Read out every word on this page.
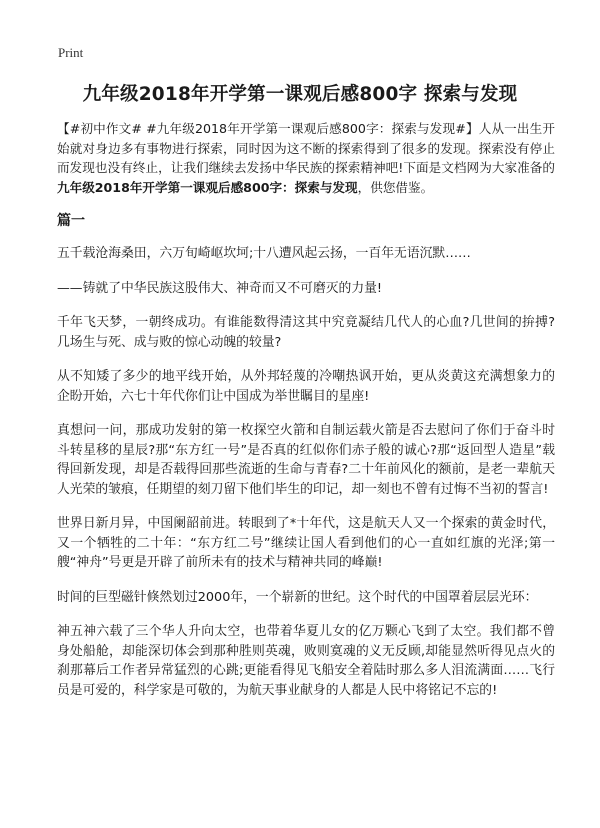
Print
九年级2018年开学第一课观后感800字 探索与发现

【#初中作文# #九年级2018年开学第一课观后感800字：探索与发现#】人从一出生开始就对身边多有事物进行探索，同时因为这不断的探索得到了很多的发现。探索没有停止而发现也没有终止，让我们继续去发扬中华民族的探索精神吧!下面是文档网为大家准备的九年级2018年开学第一课观后感800字：探索与发现，供您借鉴。

篇一

五千载沧海桑田，六万旬崎岖坎坷;十八遭风起云扬，一百年无语沉默……

——铸就了中华民族这股伟大、神奇而又不可磨灭的力量!

千年飞天梦，一朝终成功。有谁能数得清这其中究竟凝结几代人的心血?几世间的拚搏?几场生与死、成与败的惊心动魄的较量?

从不知矮了多少的地平线开始，从外邦轻蔑的冷嘲热讽开始，更从炎黄这充满想象力的企盼开始，六七十年代你们让中国成为举世瞩目的星座!

真想问一问，那成功发射的第一枚探空火箭和自制运载火箭是否去慰问了你们于奋斗时斗转星移的星辰?那“东方红一号”是否真的红似你们赤子般的诚心?那“返回型人造星”载得回新发现，却是否载得回那些流逝的生命与青春?二十年前风化的额前，是老一辈航天人光荣的皱痕，任期望的刻刀留下他们毕生的印记，却一刻也不曾有过悔不当初的誓言!

世界日新月异，中国阑韶前进。转眼到了*十年代，这是航天人又一个探索的黄金时代，又一个牺牲的二十年：“东方红二号”继续让国人看到他们的心一直如红旗的光泽;第一艘“神舟”号更是开辟了前所未有的技术与精神共同的峰巅!

时间的巨型磁针倏然划过2000年，一个崭新的世纪。这个时代的中国罩着层层光环：

神五神六载了三个华人升向太空，也带着华夏儿女的亿万颗心飞到了太空。我们都不曾身处船舱，却能深切体会到那种胜则英魂，败则寞魂的义无反顾,却能显然听得见点火的刹那幕后工作者异常猛烈的心跳;更能看得见飞船安全着陆时那么多人泪流满面……飞行员是可爱的，科学家是可敬的，为航天事业献身的人都是人民中将铭记不忘的!
